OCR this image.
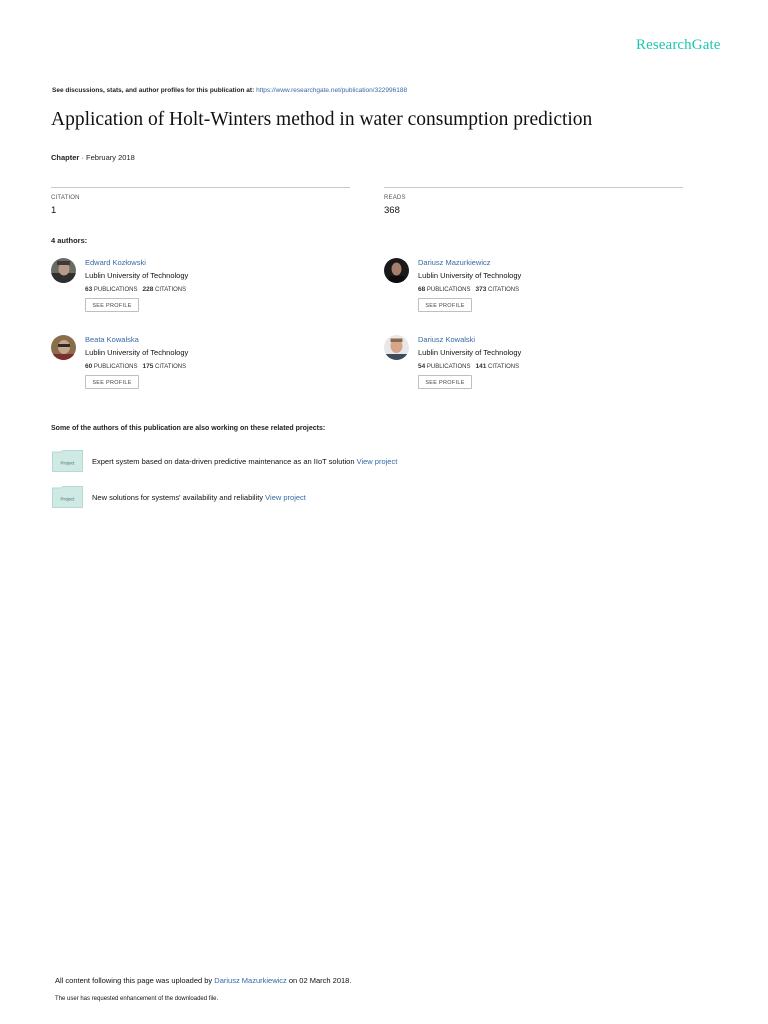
ResearchGate
See discussions, stats, and author profiles for this publication at: https://www.researchgate.net/publication/322996188
Application of Holt-Winters method in water consumption prediction
Chapter · February 2018
CITATION
1
READS
368
4 authors:
Edward Kozłowski
Lublin University of Technology
63 PUBLICATIONS 228 CITATIONS
SEE PROFILE
Dariusz Mazurkiewicz
Lublin University of Technology
68 PUBLICATIONS 373 CITATIONS
SEE PROFILE
Beata Kowalska
Lublin University of Technology
60 PUBLICATIONS 175 CITATIONS
SEE PROFILE
Dariusz Kowalski
Lublin University of Technology
54 PUBLICATIONS 141 CITATIONS
SEE PROFILE
Some of the authors of this publication are also working on these related projects:
Project Expert system based on data-driven predictive maintenance as an IIoT solution View project
Project New solutions for systems' availability and reliability View project
All content following this page was uploaded by Dariusz Mazurkiewicz on 02 March 2018.
The user has requested enhancement of the downloaded file.
